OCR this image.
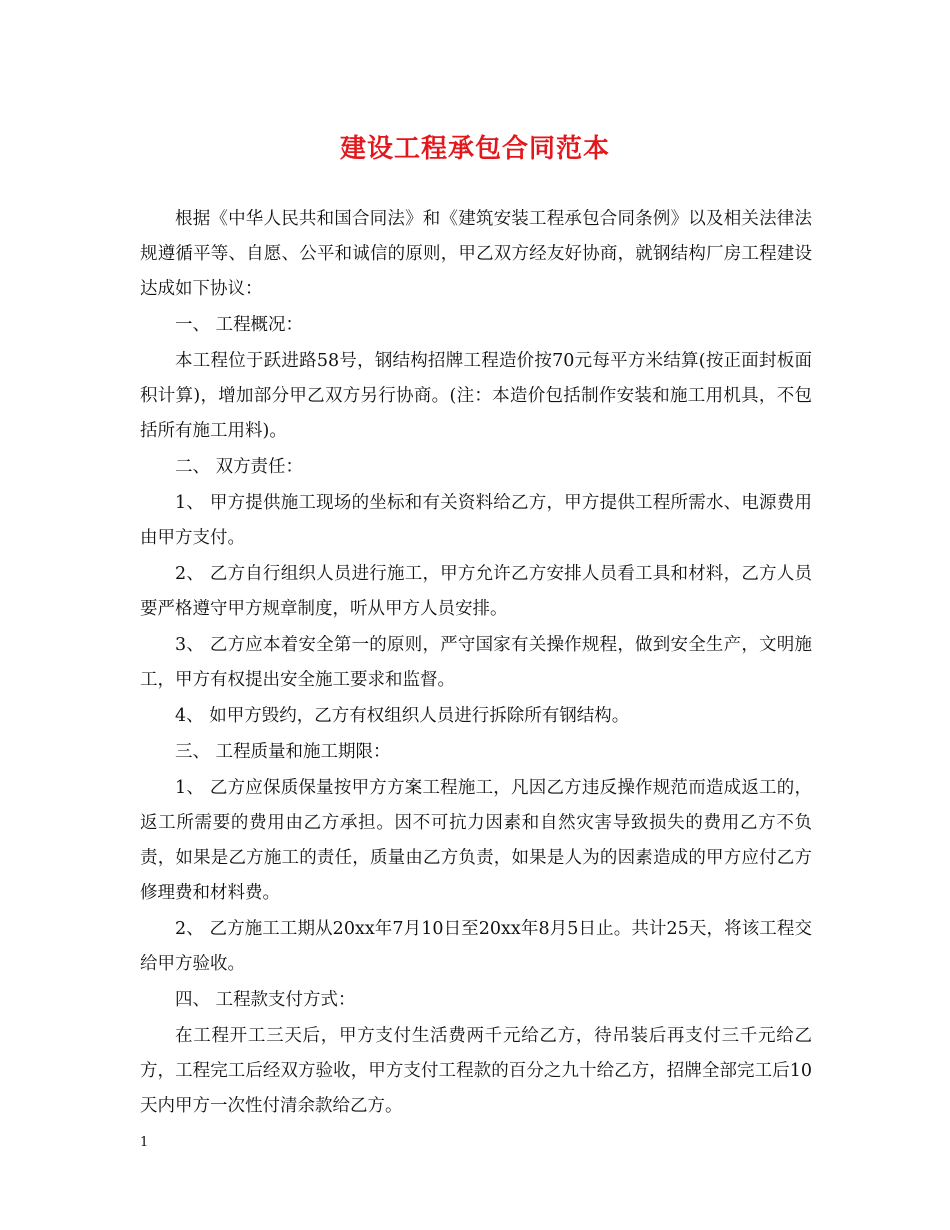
建设工程承包合同范本

根据《中华人民共和国合同法》和《建筑安装工程承包合同条例》以及相关法律法规遵循平等、自愿、公平和诚信的原则，甲乙双方经友好协商，就钢结构厂房工程建设达成如下协议：

一、 工程概况：

本工程位于跃进路58号，钢结构招牌工程造价按70元每平方米结算(按正面封板面积计算)，增加部分甲乙双方另行协商。(注：本造价包括制作安装和施工用机具，不包括所有施工用料)。

二、 双方责任：

1、 甲方提供施工现场的坐标和有关资料给乙方，甲方提供工程所需水、电源费用由甲方支付。

2、 乙方自行组织人员进行施工，甲方允许乙方安排人员看工具和材料，乙方人员要严格遵守甲方规章制度，听从甲方人员安排。

3、 乙方应本着安全第一的原则，严守国家有关操作规程，做到安全生产，文明施工，甲方有权提出安全施工要求和监督。

4、 如甲方毁约，乙方有权组织人员进行拆除所有钢结构。

三、 工程质量和施工期限：

1、 乙方应保质保量按甲方方案工程施工，凡因乙方违反操作规范而造成返工的，返工所需要的费用由乙方承担。因不可抗力因素和自然灾害导致损失的费用乙方不负责，如果是乙方施工的责任，质量由乙方负责，如果是人为的因素造成的甲方应付乙方修理费和材料费。

2、 乙方施工工期从20xx年7月10日至20xx年8月5日止。共计25天，将该工程交给甲方验收。

四、 工程款支付方式：

在工程开工三天后，甲方支付生活费两千元给乙方，待吊装后再支付三千元给乙方，工程完工后经双方验收，甲方支付工程款的百分之九十给乙方，招牌全部完工后10天内甲方一次性付清余款给乙方。

1
